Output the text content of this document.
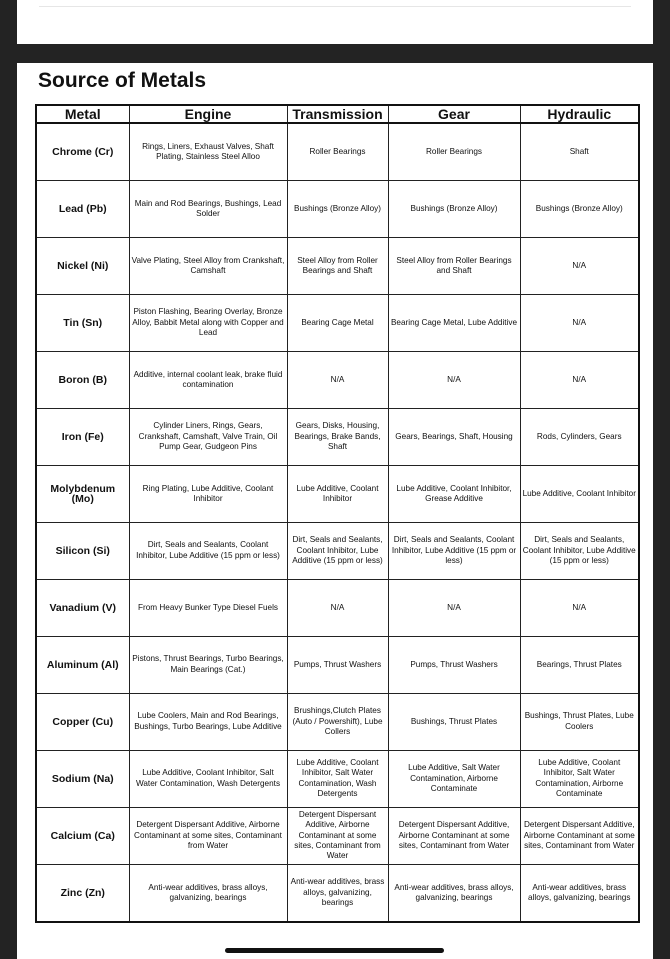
Source of Metals
Metal	Engine	Transmission	Gear	Hydraulic
Chrome (Cr)	Rings, Liners, Exhaust Valves, Shaft Plating, Stainless Steel Alloo	Roller Bearings	Roller Bearings	Shaft
Lead (Pb)	Main and Rod Bearings, Bushings, Lead Solder	Bushings (Bronze Alloy)	Bushings (Bronze Alloy)	Bushings (Bronze Alloy)
Nickel (Ni)	Valve Plating, Steel Alloy from Crankshaft, Camshaft	Steel Alloy from Roller Bearings and Shaft	Steel Alloy from Roller Bearings and Shaft	N/A
Tin (Sn)	Piston Flashing, Bearing Overlay, Bronze Alloy, Babbit Metal along with Copper and Lead	Bearing Cage Metal	Bearing Cage Metal, Lube Additive	N/A
Boron (B)	Additive, internal coolant leak, brake fluid contamination	N/A	N/A	N/A
Iron (Fe)	Cylinder Liners, Rings, Gears, Crankshaft, Camshaft, Valve Train, Oil Pump Gear, Gudgeon Pins	Gears, Disks, Housing, Bearings, Brake Bands, Shaft	Gears, Bearings, Shaft, Housing	Rods, Cylinders, Gears
Molybdenum (Mo)	Ring Plating, Lube Additive, Coolant Inhibitor	Lube Additive, Coolant Inhibitor	Lube Additive, Coolant Inhibitor, Grease Additive	Lube Additive, Coolant Inhibitor
Silicon (Si)	Dirt, Seals and Sealants, Coolant Inhibitor, Lube Additive (15 ppm or less)	Dirt, Seals and Sealants, Coolant Inhibitor, Lube Additive (15 ppm or less)	Dirt, Seals and Sealants, Coolant Inhibitor, Lube Additive (15 ppm or less)	Dirt, Seals and Sealants, Coolant Inhibitor, Lube Additive (15 ppm or less)
Vanadium (V)	From Heavy Bunker Type Diesel Fuels	N/A	N/A	N/A
Aluminum (Al)	Pistons, Thrust Bearings, Turbo Bearings, Main Bearings (Cat.)	Pumps, Thrust Washers	Pumps, Thrust Washers	Bearings, Thrust Plates
Copper (Cu)	Lube Coolers, Main and Rod Bearings, Bushings, Turbo Bearings, Lube Additive	Brushings,Clutch Plates (Auto / Powershift), Lube Collers	Bushings, Thrust Plates	Bushings, Thrust Plates, Lube Coolers
Sodium (Na)	Lube Additive, Coolant Inhibitor, Salt Water Contamination, Wash Detergents	Lube Additive, Coolant Inhibitor, Salt Water Contamination, Wash Detergents	Lube Additive, Salt Water Contamination, Airborne Contaminate	Lube Additive, Coolant Inhibitor, Salt Water Contamination, Airborne Contaminate
Calcium (Ca)	Detergent Dispersant Additive, Airborne Contaminant at some sites, Contaminant from Water	Detergent Dispersant Additive, Airborne Contaminant at some sites, Contaminant from Water	Detergent Dispersant Additive, Airborne Contaminant at some sites, Contaminant from Water	Detergent Dispersant Additive, Airborne Contaminant at some sites, Contaminant from Water
Zinc (Zn)	Anti-wear additives, brass alloys, galvanizing, bearings	Anti-wear additives, brass alloys, galvanizing, bearings	Anti-wear additives, brass alloys, galvanizing, bearings	Anti-wear additives, brass alloys, galvanizing, bearings
